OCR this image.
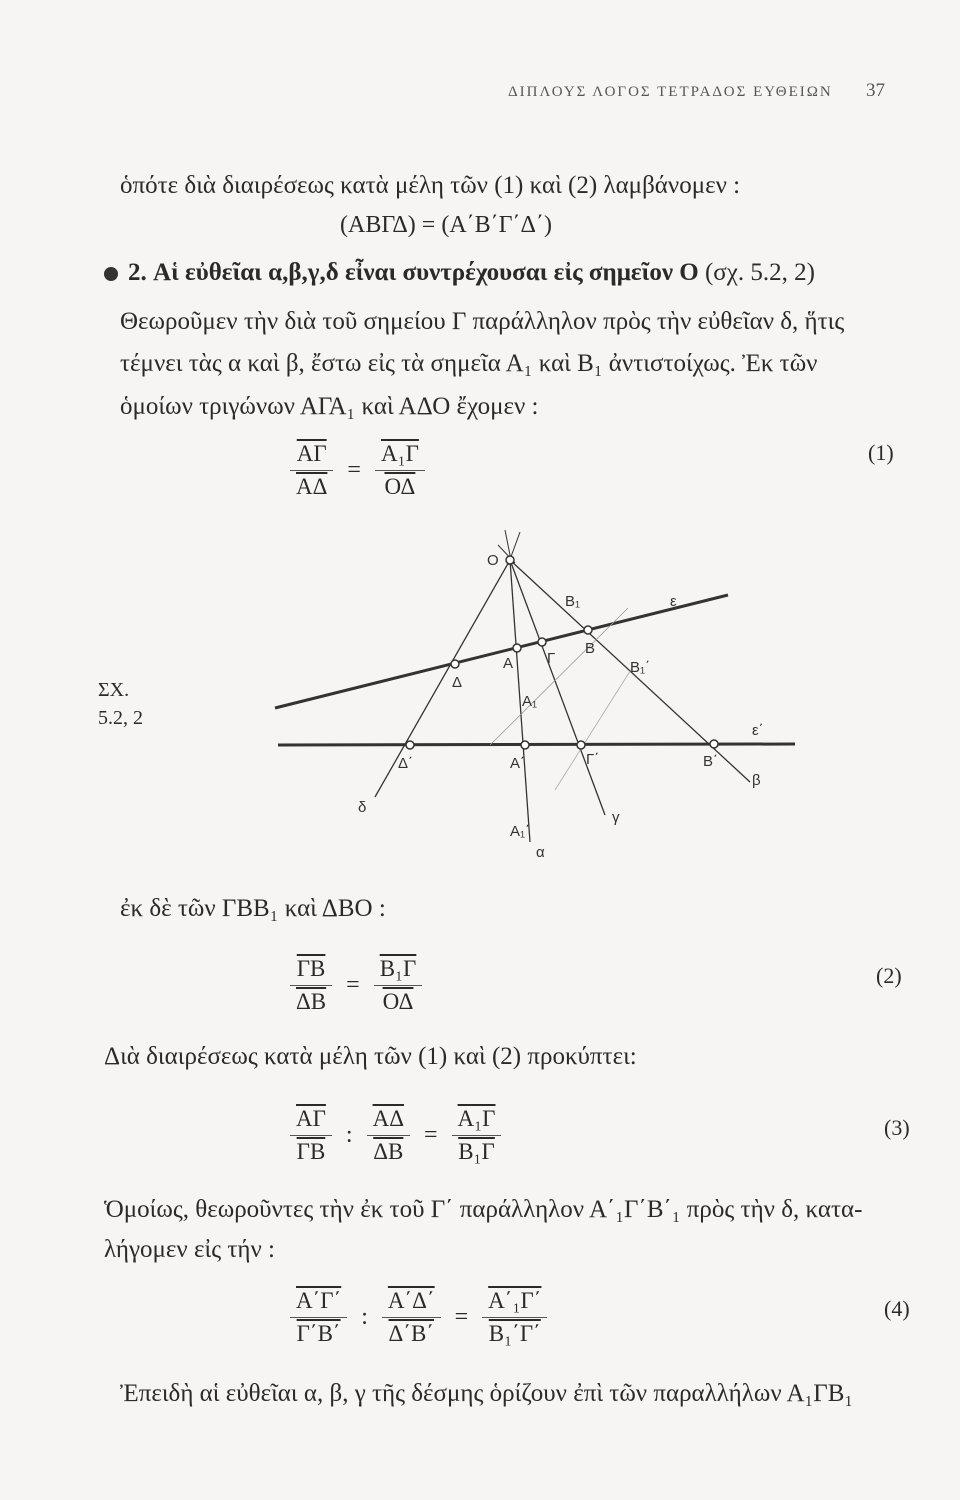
ΔΙΠΛΟΥΣ ΛΟΓΟΣ ΤΕΤΡΑΔΟΣ ΕΥΘΕΙΩΝ 37
ὁπότε διὰ διαιρέσεως κατὰ μέλη τῶν (1) καὶ (2) λαμβάνομεν :
(ΑΒΓΔ) = (Α΄Β΄Γ΄Δ΄)
2. Αἱ εὐθεῖαι α,β,γ,δ εἶναι συντρέχουσαι εἰς σημεῖον Ο (σχ. 5.2, 2)
Θεωροῦμεν τὴν διὰ τοῦ σημείου Γ παράλληλον πρὸς τὴν εὐθεῖαν δ, ἥτις
τέμνει τὰς α καὶ β, ἔστω εἰς τὰ σημεῖα Α₁ καὶ Β₁ ἀντιστοίχως. Ἐκ τῶν
ὁμοίων τριγώνων ΑΓΑ₁ καὶ ΑΔΟ ἔχομεν :
$\frac{\overline{A\Gamma}}{A\Delta} = \frac{\text{Α₁Γ}}{O\Delta}$	(1)
ΣΧ.
5.2, 2
O
B₁	ε
B
Γ
A
Δ
A₁
B₁΄
ε΄
Δ΄	A΄	Γ΄	B΄
β
δ
γ
A₁΄
α
ἐκ δὲ τῶν ΓΒΒ₁ καὶ ΔΒΟ :
$\frac{\overline{\Gamma B}}{\Delta B} = \frac{\text{Β₁Γ}}{O\Delta}$	(2)
Διὰ διαιρέσεως κατὰ μέλη τῶν (1) καὶ (2) προκύπτει:
$\frac{\overline{A\Gamma}}{\Gamma B}$ : $\frac{\overline{A\Delta}}{\Delta B} = \frac{\text{Α₁Γ}}{\text{Β₁Γ}}$	(3)
Ὁμοίως, θεωροῦντες τὴν ἐκ τοῦ Γ΄ παράλληλον Α΄₁Γ΄Β΄₁ πρὸς τὴν δ, κατα-
λήγομεν εἰς τήν :
$\frac{A΄\Gamma΄}{\Gamma΄B΄}$ : $\frac{A΄\Delta΄}{\Delta΄B΄} = \frac{\text{Α΄₁Γ΄}}{\text{Β₁΄Γ΄}}$	(4)
Ἐπειδὴ αἱ εὐθεῖαι α, β, γ τῆς δέσμης ὁρίζουν ἐπὶ τῶν παραλλήλων Α₁ΓΒ₁
